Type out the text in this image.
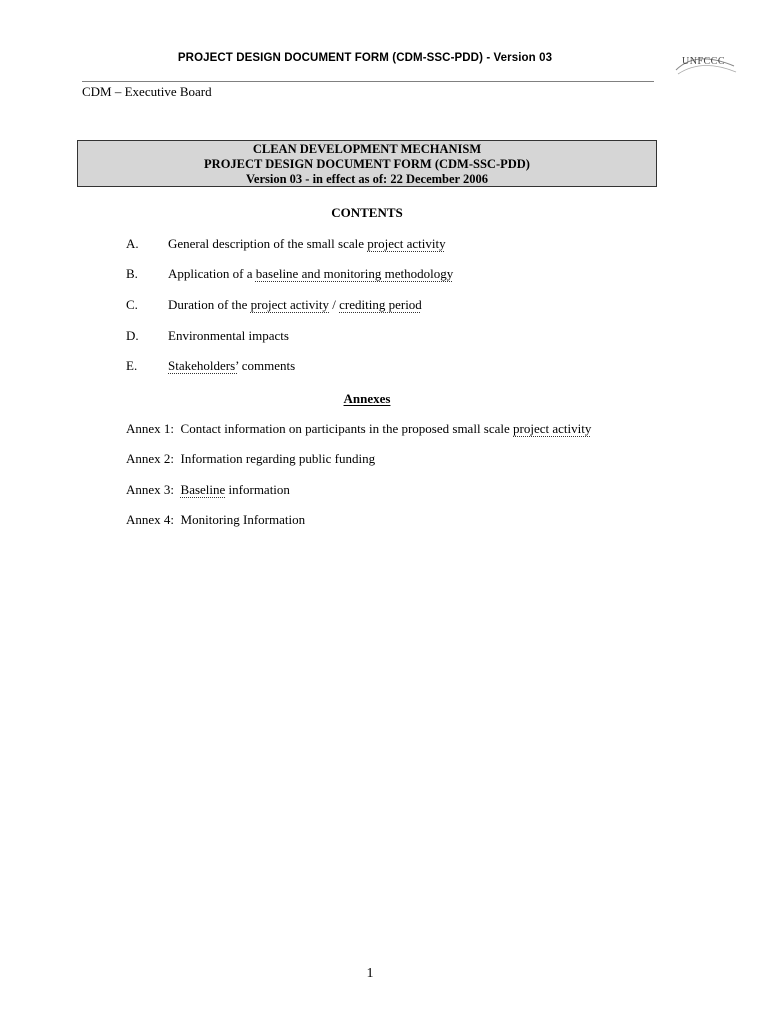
PROJECT DESIGN DOCUMENT FORM (CDM-SSC-PDD) - Version 03	UNFCCC
CDM – Executive Board
CLEAN DEVELOPMENT MECHANISM
PROJECT DESIGN DOCUMENT FORM (CDM-SSC-PDD)
Version 03 - in effect as of: 22 December 2006
CONTENTS
A. General description of the small scale project activity
B. Application of a baseline and monitoring methodology
C. Duration of the project activity / crediting period
D. Environmental impacts
E. Stakeholders’ comments
Annexes
Annex 1: Contact information on participants in the proposed small scale project activity
Annex 2: Information regarding public funding
Annex 3: Baseline information
Annex 4: Monitoring Information
1
